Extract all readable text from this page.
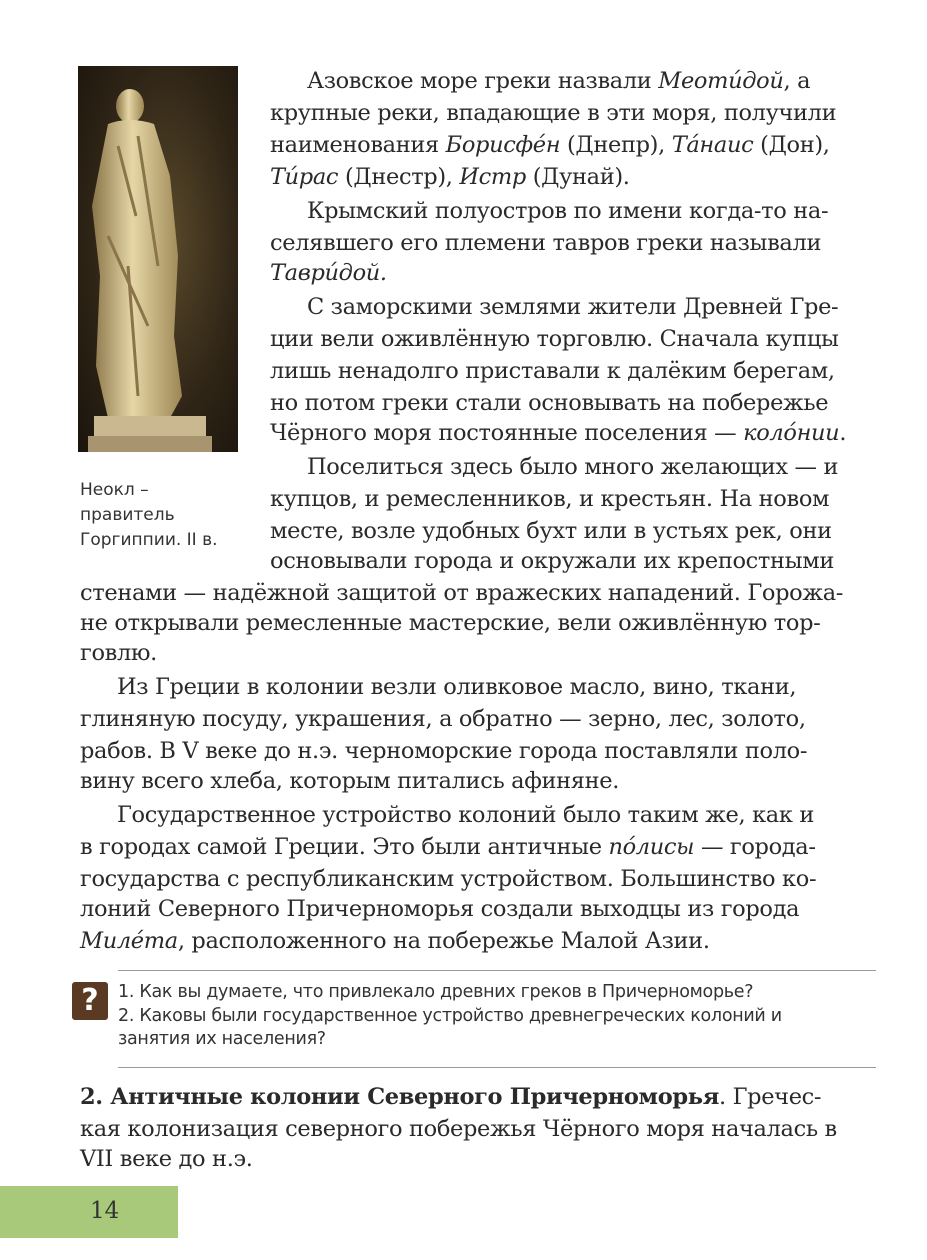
Неокл –
правитель
Горгиппии. II в.
Азовское море греки назвали Меоти́дой, а
крупные реки, впадающие в эти моря, получили
наименования Борисфе́н (Днепр), Та́наис (Дон),
Ти́рас (Днестр), Истр (Дунай).
Крымский полуостров по имени когда-то на-
селявшего его племени тавров греки называли
Таври́дой.
С заморскими землями жители Древней Гре-
ции вели оживлённую торговлю. Сначала купцы
лишь ненадолго приставали к далёким берегам,
но потом греки стали основывать на побережье
Чёрного моря постоянные поселения — коло́нии.
Поселиться здесь было много желающих — и
купцов, и ремесленников, и крестьян. На новом
месте, возле удобных бухт или в устьях рек, они
основывали города и окружали их крепостными
стенами — надёжной защитой от вражеских нападений. Горожа-
не открывали ремесленные мастерские, вели оживлённую тор-
говлю.
Из Греции в колонии везли оливковое масло, вино, ткани,
глиняную посуду, украшения, а обратно — зерно, лес, золото,
рабов. В V веке до н.э. черноморские города поставляли поло-
вину всего хлеба, которым питались афиняне.
Государственное устройство колоний было таким же, как и
в городах самой Греции. Это были античные по́лисы — города-
государства с республиканским устройством. Большинство ко-
лоний Северного Причерноморья создали выходцы из города
Миле́та, расположенного на побережье Малой Азии.
?	1. Как вы думаете, что привлекало древних греков в Причерноморье?
2. Каковы были государственное устройство древнегреческих колоний и
занятия их населения?
2. Античные колонии Северного Причерноморья. Гречес-
кая колонизация северного побережья Чёрного моря началась в
VII веке до н.э.
14
